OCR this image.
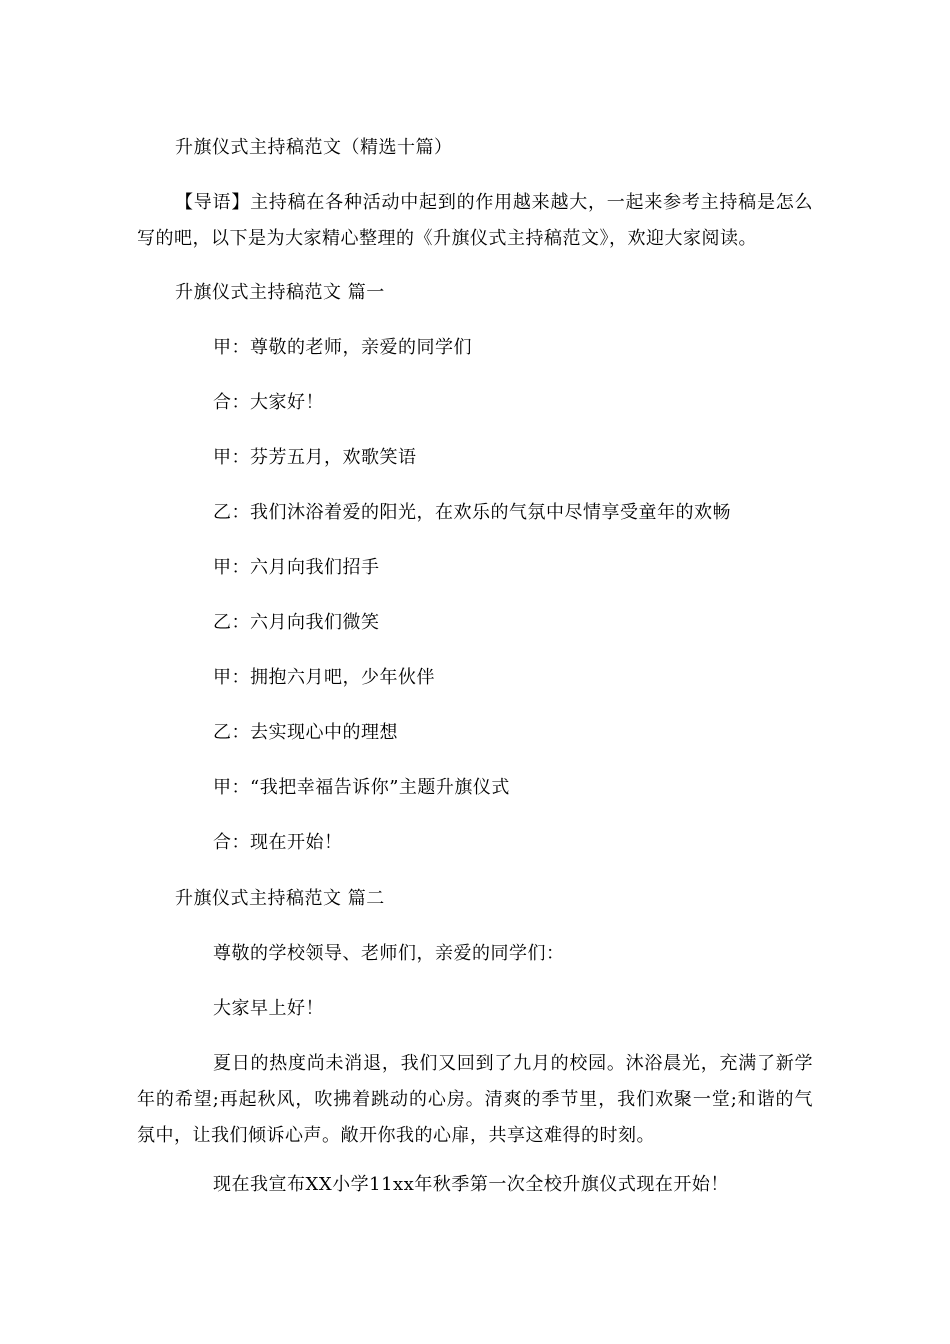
升旗仪式主持稿范文（精选十篇）
【导语】主持稿在各种活动中起到的作用越来越大，一起来参考主持稿是怎么写的吧，以下是为大家精心整理的《升旗仪式主持稿范文》，欢迎大家阅读。
升旗仪式主持稿范文 篇一
甲：尊敬的老师，亲爱的同学们
合：大家好！
甲：芬芳五月，欢歌笑语
乙：我们沐浴着爱的阳光，在欢乐的气氛中尽情享受童年的欢畅
甲：六月向我们招手
乙：六月向我们微笑
甲：拥抱六月吧，少年伙伴
乙：去实现心中的理想
甲：“我把幸福告诉你”主题升旗仪式
合：现在开始！
升旗仪式主持稿范文 篇二
尊敬的学校领导、老师们，亲爱的同学们：
大家早上好！
夏日的热度尚未消退，我们又回到了九月的校园。沐浴晨光，充满了新学年的希望;再起秋风，吹拂着跳动的心房。清爽的季节里，我们欢聚一堂;和谐的气氛中，让我们倾诉心声。敞开你我的心扉，共享这难得的时刻。
现在我宣布XX小学11xx年秋季第一次全校升旗仪式现在开始！
